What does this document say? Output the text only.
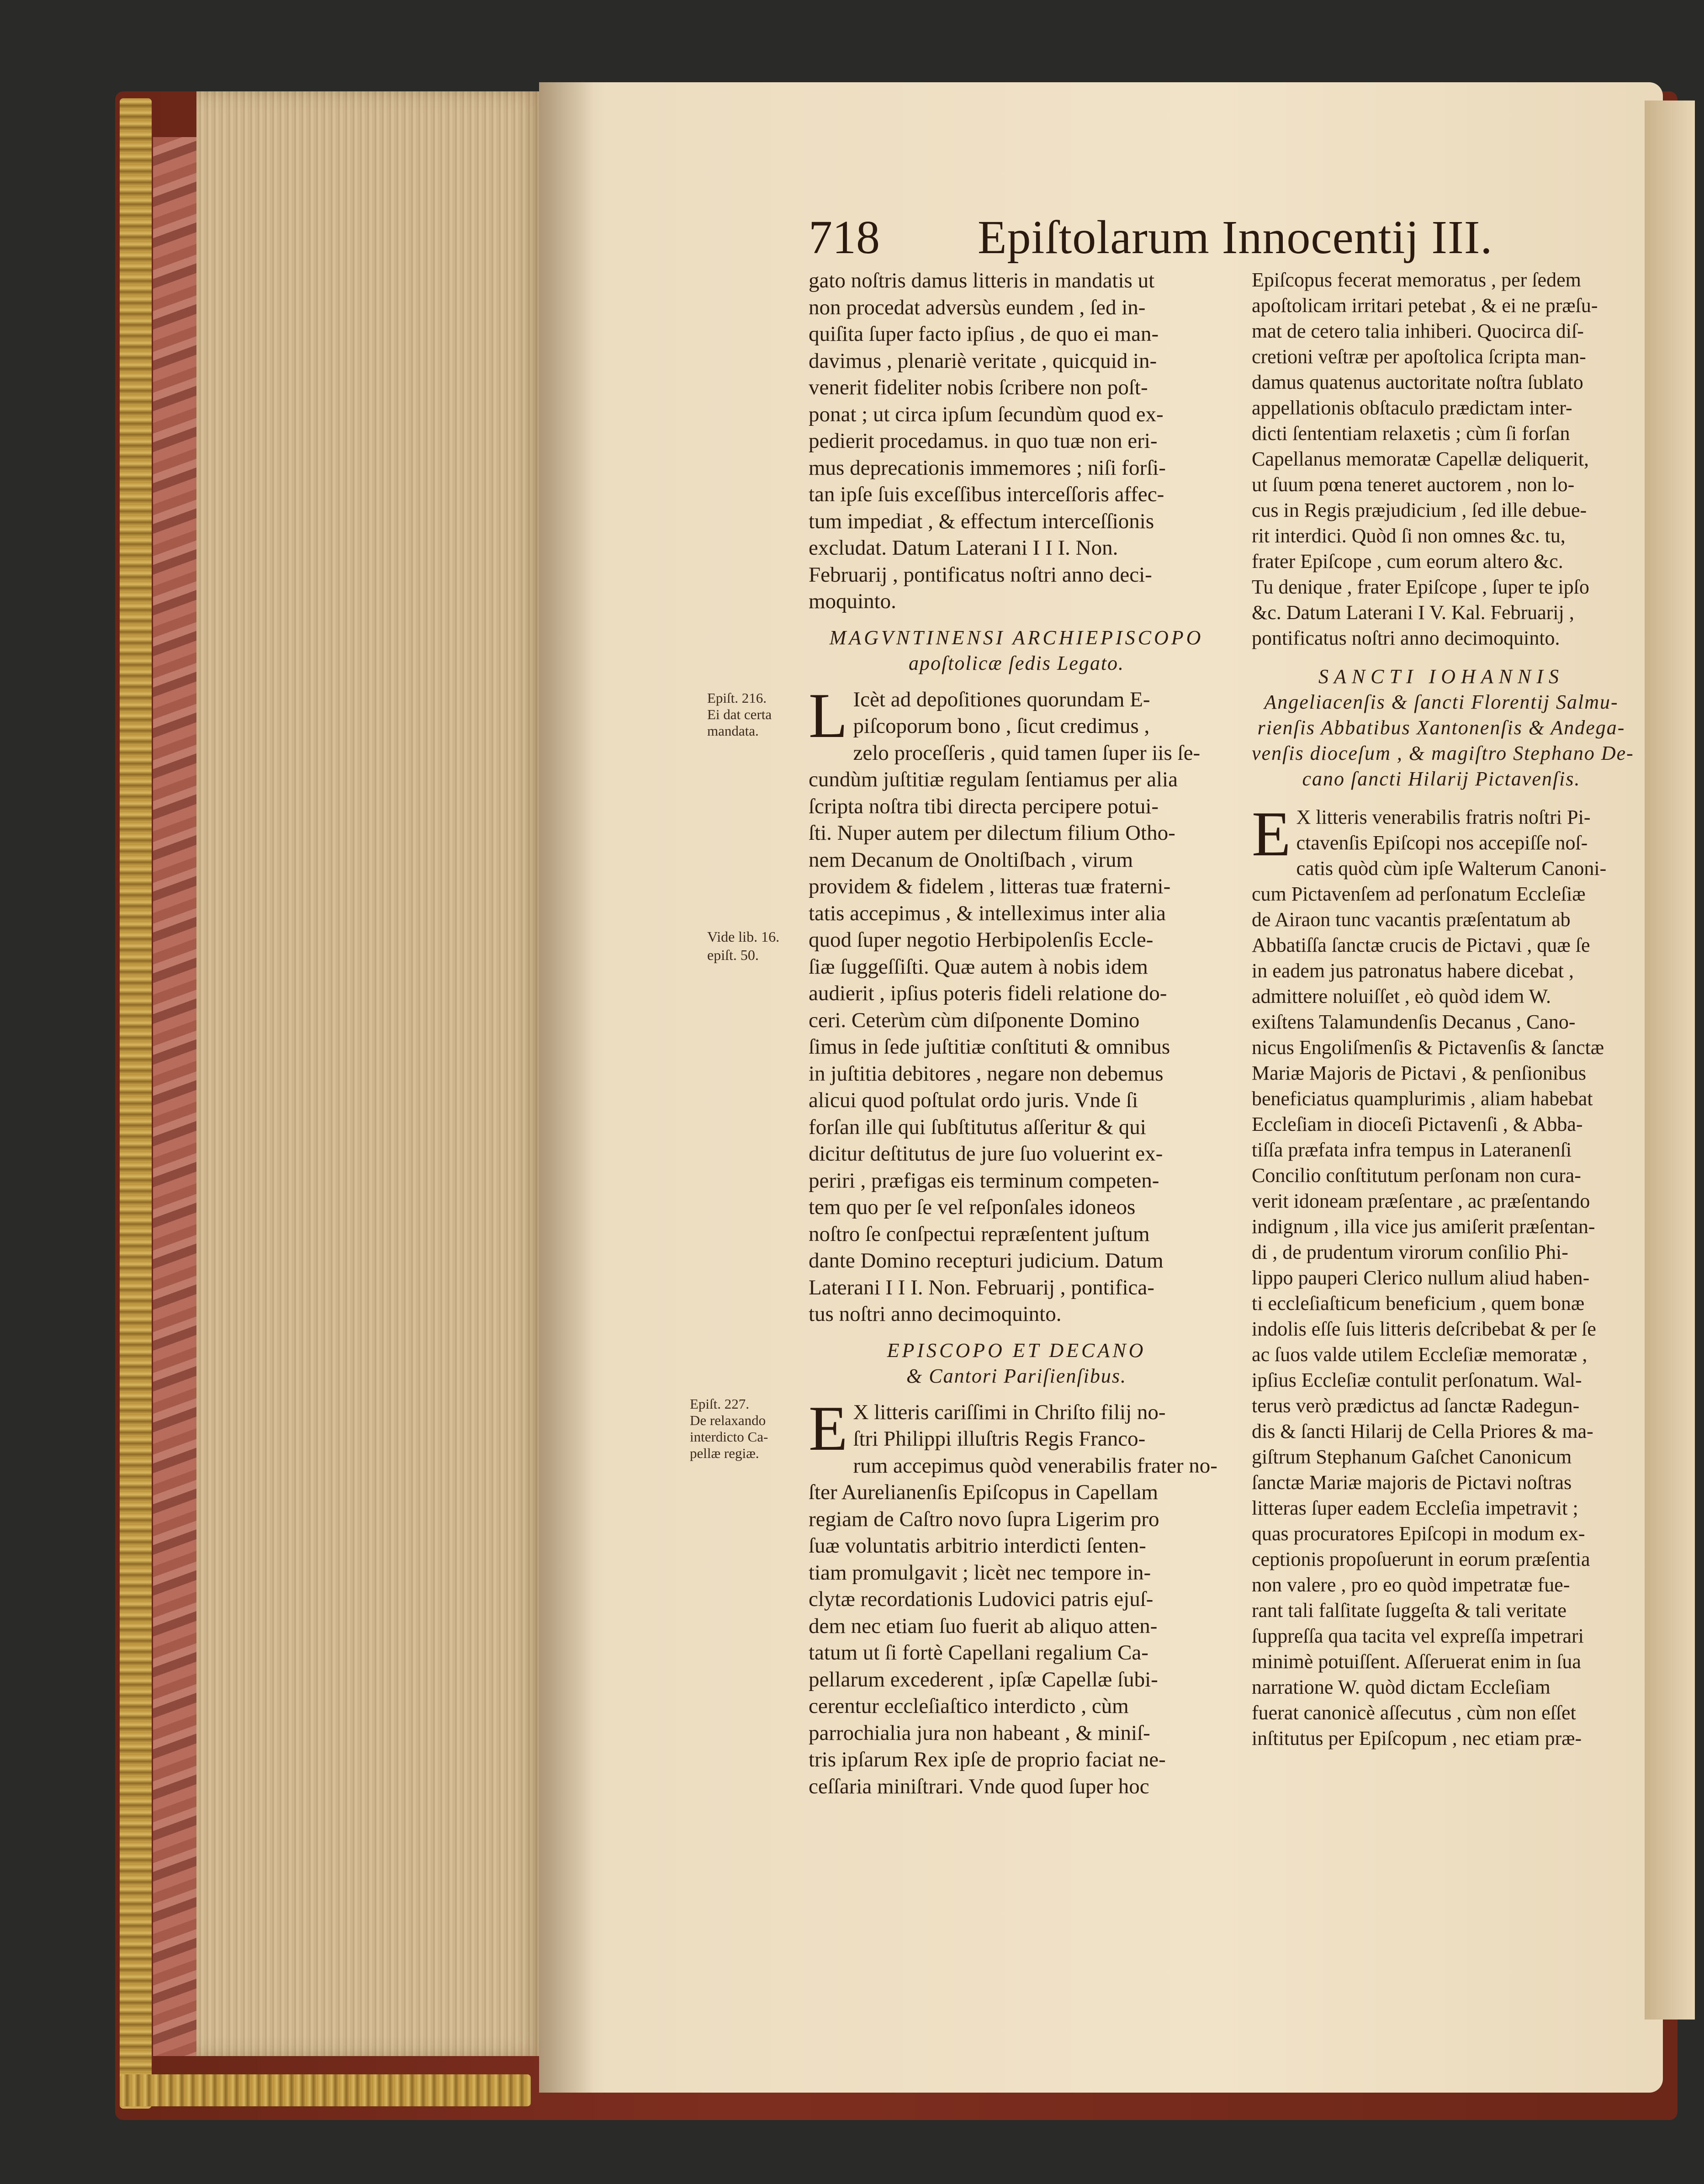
718 Epiſtolarum Innocentij III.
gato noſtris damus litteris in mandatis ut
non procedat adversùs eundem , ſed in-
quiſita ſuper facto ipſius , de quo ei man-
davimus , plenariè veritate , quicquid in-
venerit fideliter nobis ſcribere non poſt-
ponat ; ut circa ipſum ſecundùm quod ex-
pedierit procedamus. in quo tuæ non eri-
mus deprecationis immemores ; niſi forſi-
tan ipſe ſuis exceſſibus interceſſoris affec-
tum impediat , & effectum interceſſionis
excludat. Datum Laterani I I I. Non.
Februarij , pontificatus noſtri anno deci-
moquinto.
MAGVNTINENSI ARCHIEPISCOPO
apoſtolicæ ſedis Legato.
L Icèt ad depoſitiones quorundam E-
piſcoporum bono , ſicut credimus ,
zelo proceſſeris , quid tamen ſuper iis ſe-
cundùm juſtitiæ regulam ſentiamus per alia
ſcripta noſtra tibi directa percipere potui-
ſti. Nuper autem per dilectum filium Otho-
nem Decanum de Onoltiſbach , virum
providem & fidelem , litteras tuæ fraterni-
tatis accepimus , & intelleximus inter alia
quod ſuper negotio Herbipolenſis Eccle-
ſiæ ſuggeſſiſti. Quæ autem à nobis idem
audierit , ipſius poteris fideli relatione do-
ceri. Ceterùm cùm diſponente Domino
ſimus in ſede juſtitiæ conſtituti & omnibus
in juſtitia debitores , negare non debemus
alicui quod poſtulat ordo juris. Vnde ſi
forſan ille qui ſubſtitutus aſſeritur & qui
dicitur deſtitutus de jure ſuo voluerint ex-
periri , præfigas eis terminum competen-
tem quo per ſe vel reſponſales idoneos
noſtro ſe conſpectui repræſentent juſtum
dante Domino recepturi judicium. Datum
Laterani I I I. Non. Februarij , pontifica-
tus noſtri anno decimoquinto.
EPISCOPO ET DECANO
& Cantori Pariſienſibus.
E X litteris cariſſimi in Chriſto filij no-
ſtri Philippi illuſtris Regis Franco-
rum accepimus quòd venerabilis frater no-
ſter Aurelianenſis Epiſcopus in Capellam
regiam de Caſtro novo ſupra Ligerim pro
ſuæ voluntatis arbitrio interdicti ſenten-
tiam promulgavit ; licèt nec tempore in-
clytæ recordationis Ludovici patris ejuſ-
dem nec etiam ſuo fuerit ab aliquo atten-
tatum ut ſi fortè Capellani regalium Ca-
pellarum excederent , ipſæ Capellæ ſubi-
cerentur eccleſiaſtico interdicto , cùm
parrochialia jura non habeant , & miniſ-
tris ipſarum Rex ipſe de proprio faciat ne-
ceſſaria miniſtrari. Vnde quod ſuper hoc
Epiſcopus fecerat memoratus , per ſedem
apoſtolicam irritari petebat , & ei ne præſu-
mat de cetero talia inhiberi. Quocirca diſ-
cretioni veſtræ per apoſtolica ſcripta man-
damus quatenus auctoritate noſtra ſublato
appellationis obſtaculo prædictam inter-
dicti ſententiam relaxetis ; cùm ſi forſan
Capellanus memoratæ Capellæ deliquerit,
ut ſuum pœna teneret auctorem , non lo-
cus in Regis præjudicium , ſed ille debue-
rit interdici. Quòd ſi non omnes &c. tu,
frater Epiſcope , cum eorum altero &c.
Tu denique , frater Epiſcope , ſuper te ipſo
&c. Datum Laterani I V. Kal. Februarij ,
pontificatus noſtri anno decimoquinto.
SANCTI IOHANNIS
Angeliacenſis & ſancti Florentij Salmu-
rienſis Abbatibus Xantonenſis & Andega-
venſis dioceſum , & magiſtro Stephano De-
cano ſancti Hilarij Pictavenſis.
E X litteris venerabilis fratris noſtri Pi-
ctavenſis Epiſcopi nos accepiſſe noſ-
catis quòd cùm ipſe Walterum Canoni-
cum Pictavenſem ad perſonatum Eccleſiæ
de Airaon tunc vacantis præſentatum ab
Abbatiſſa ſanctæ crucis de Pictavi , quæ ſe
in eadem jus patronatus habere dicebat ,
admittere noluiſſet , eò quòd idem W.
exiſtens Talamundenſis Decanus , Cano-
nicus Engoliſmenſis & Pictavenſis & ſanctæ
Mariæ Majoris de Pictavi , & penſionibus
beneficiatus quamplurimis , aliam habebat
Eccleſiam in dioceſi Pictavenſi , & Abba-
tiſſa præfata infra tempus in Lateranenſi
Concilio conſtitutum perſonam non cura-
verit idoneam præſentare , ac præſentando
indignum , illa vice jus amiſerit præſentan-
di , de prudentum virorum conſilio Phi-
lippo pauperi Clerico nullum aliud haben-
ti eccleſiaſticum beneficium , quem bonæ
indolis eſſe ſuis litteris deſcribebat & per ſe
ac ſuos valde utilem Eccleſiæ memoratæ ,
ipſius Eccleſiæ contulit perſonatum. Wal-
terus verò prædictus ad ſanctæ Radegun-
dis & ſancti Hilarij de Cella Priores & ma-
giſtrum Stephanum Gaſchet Canonicum
ſanctæ Mariæ majoris de Pictavi noſtras
litteras ſuper eadem Eccleſia impetravit ;
quas procuratores Epiſcopi in modum ex-
ceptionis propoſuerunt in eorum præſentia
non valere , pro eo quòd impetratæ fue-
rant tali falſitate ſuggeſta & tali veritate
ſuppreſſa qua tacita vel expreſſa impetrari
minimè potuiſſent. Aſſeruerat enim in ſua
narratione W. quòd dictam Eccleſiam
fuerat canonicè aſſecutus , cùm non eſſet
inſtitutus per Epiſcopum , nec etiam præ-
Epiſt. 216.
Ei dat certa
mandata.
Vide lib. 16.
epiſt. 50.
Epiſt. 227.
De relaxando
interdicto Ca-
pellæ regiæ.
